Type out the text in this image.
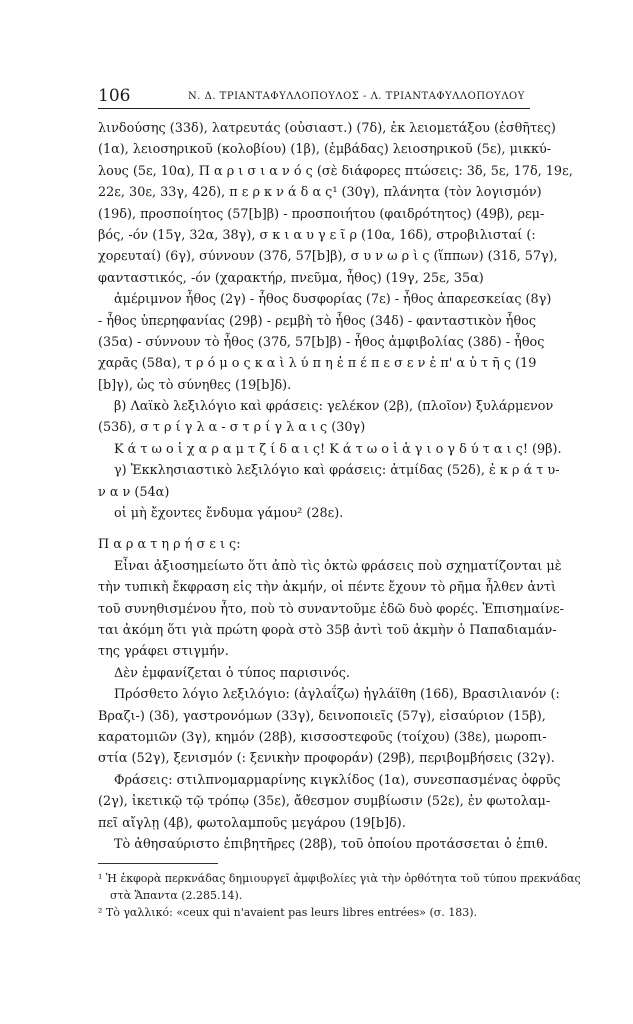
106	Ν. Δ. ΤΡΙΑΝΤΑΦΥΛΛΟΠΟΥΛΟΣ - Λ. ΤΡΙΑΝΤΑΦΥΛΛΟΠΟΥΛΟΥ
λινδούσης (33δ), λατρευτάς (οὐσιαστ.) (7δ), ἐκ λειομετάξου (ἐσθῆτες)
(1α), λειοσηρικοῦ (κολοβίου) (1β), (ἐμβάδας) λειοσηρικοῦ (5ε), μικκύ-
λους (5ε, 10α), Π α ρ ι σ ι α ν ό ς (σὲ διάφορες πτώσεις: 3δ, 5ε, 17δ, 19ε,
22ε, 30ε, 33γ, 42δ), π ε ρ κ ν ά δ α ς¹ (30γ), πλάνητα (τὸν λογισμόν)
(19δ), προσποίητος (57[b]β) - προσποιήτου (φαιδρότητος) (49β), ρεμ-
βός, -όν (15γ, 32α, 38γ), σ κ ι α υ γ ε ῖ ρ (10α, 16δ), στροβιλισταί (:
χορευταί) (6γ), σύννουν (37δ, 57[b]β), σ υ ν ω ρ ὶ ς (ἵππων) (31δ, 57γ),
φανταστικός, -όν (χαρακτήρ, πνεῦμα, ἦθος) (19γ, 25ε, 35α)
ἀμέριμνον ἦθος (2γ) - ἦθος δυσφορίας (7ε) - ἦθος ἀπαρεσκείας (8γ)
- ἦθος ὑπερηφανίας (29β) - ρεμβὴ τὸ ἦθος (34δ) - φανταστικὸν ἦθος
(35α) - σύννουν τὸ ἦθος (37δ, 57[b]β) - ἦθος ἀμφιβολίας (38δ) - ἦθος
χαρᾶς (58α), τ ρ ό μ ο ς κ α ὶ λ ύ π η ἐ π έ π ε σ ε ν ἐ π' α ὐ τ ῆ ς (19
[b]γ), ὡς τὸ σύνηθες (19[b]δ).
β) Λαϊκὸ λεξιλόγιο καὶ φράσεις: γελέκον (2β), (πλοῖον) ξυλάρμενον
(53δ), σ τ ρ ί γ λ α - σ τ ρ ί γ λ α ι ς (30γ)
Κ ά τ ω ο ἱ χ α ρ α μ τ ζ ί δ α ι ς! Κ ά τ ω ο ἱ ἁ γ ι ο γ δ ύ τ α ι ς! (9β).
γ) Ἐκκλησιαστικὸ λεξιλόγιο καὶ φράσεις: ἀτμίδας (52δ), ἐ κ ρ ά τ υ-
ν α ν (54α)
οἱ μὴ ἔχοντες ἔνδυμα γάμου² (28ε).
Π α ρ α τ η ρ ή σ ε ι ς:
Εἶναι ἀξιοσημείωτο ὅτι ἀπὸ τὶς ὀκτὼ φράσεις ποὺ σχηματίζονται μὲ
τὴν τυπικὴ ἔκφραση εἰς τὴν ἀκμήν, οἱ πέντε ἔχουν τὸ ρῆμα ἦλθεν ἀντὶ
τοῦ συνηθισμένου ἦτο, ποὺ τὸ συναντοῦμε ἐδῶ δυὸ φορές. Ἐπισημαίνε-
ται ἀκόμη ὅτι γιὰ πρώτη φορὰ στὸ 35β ἀντὶ τοῦ ἀκμὴν ὁ Παπαδιαμάν-
της γράφει στιγμήν.
Δὲν ἐμφανίζεται ὁ τύπος παρισινός.
Πρόσθετο λόγιο λεξιλόγιο: (ἀγλαΐζω) ἠγλάϊθη (16δ), Βρασιλιανόν (:
Βραζι-) (3δ), γαστρονόμων (33γ), δεινοποιεῖς (57γ), εἰσαύριον (15β),
καρατομιῶν (3γ), κημόν (28β), κισσοστεφοῦς (τοίχου) (38ε), μωροπι-
στία (52γ), ξενισμόν (: ξενικὴν προφοράν) (29β), περιβομβήσεις (32γ).
Φράσεις: στιλπνομαρμαρίνης κιγκλίδος (1α), συνεσπασμένας ὀφρῦς
(2γ), ἱκετικῷ τῷ τρόπῳ (35ε), ἄθεσμον συμβίωσιν (52ε), ἐν φωτολαμ-
πεῖ αἴγλῃ (4β), φωτολαμποῦς μεγάρου (19[b]δ).
Τὸ ἀθησαύριστο ἐπιβητῆρες (28β), τοῦ ὁποίου προτάσσεται ὁ ἐπιθ.
¹ Ἡ ἐκφορὰ περκνάδας δημιουργεῖ ἀμφιβολίες γιὰ τὴν ὀρθότητα τοῦ τύπου πρεκνάδας
στὰ Ἅπαντα (2.285.14).
² Τὸ γαλλικό: «ceux qui n'avaient pas leurs libres entrées» (σ. 183).
